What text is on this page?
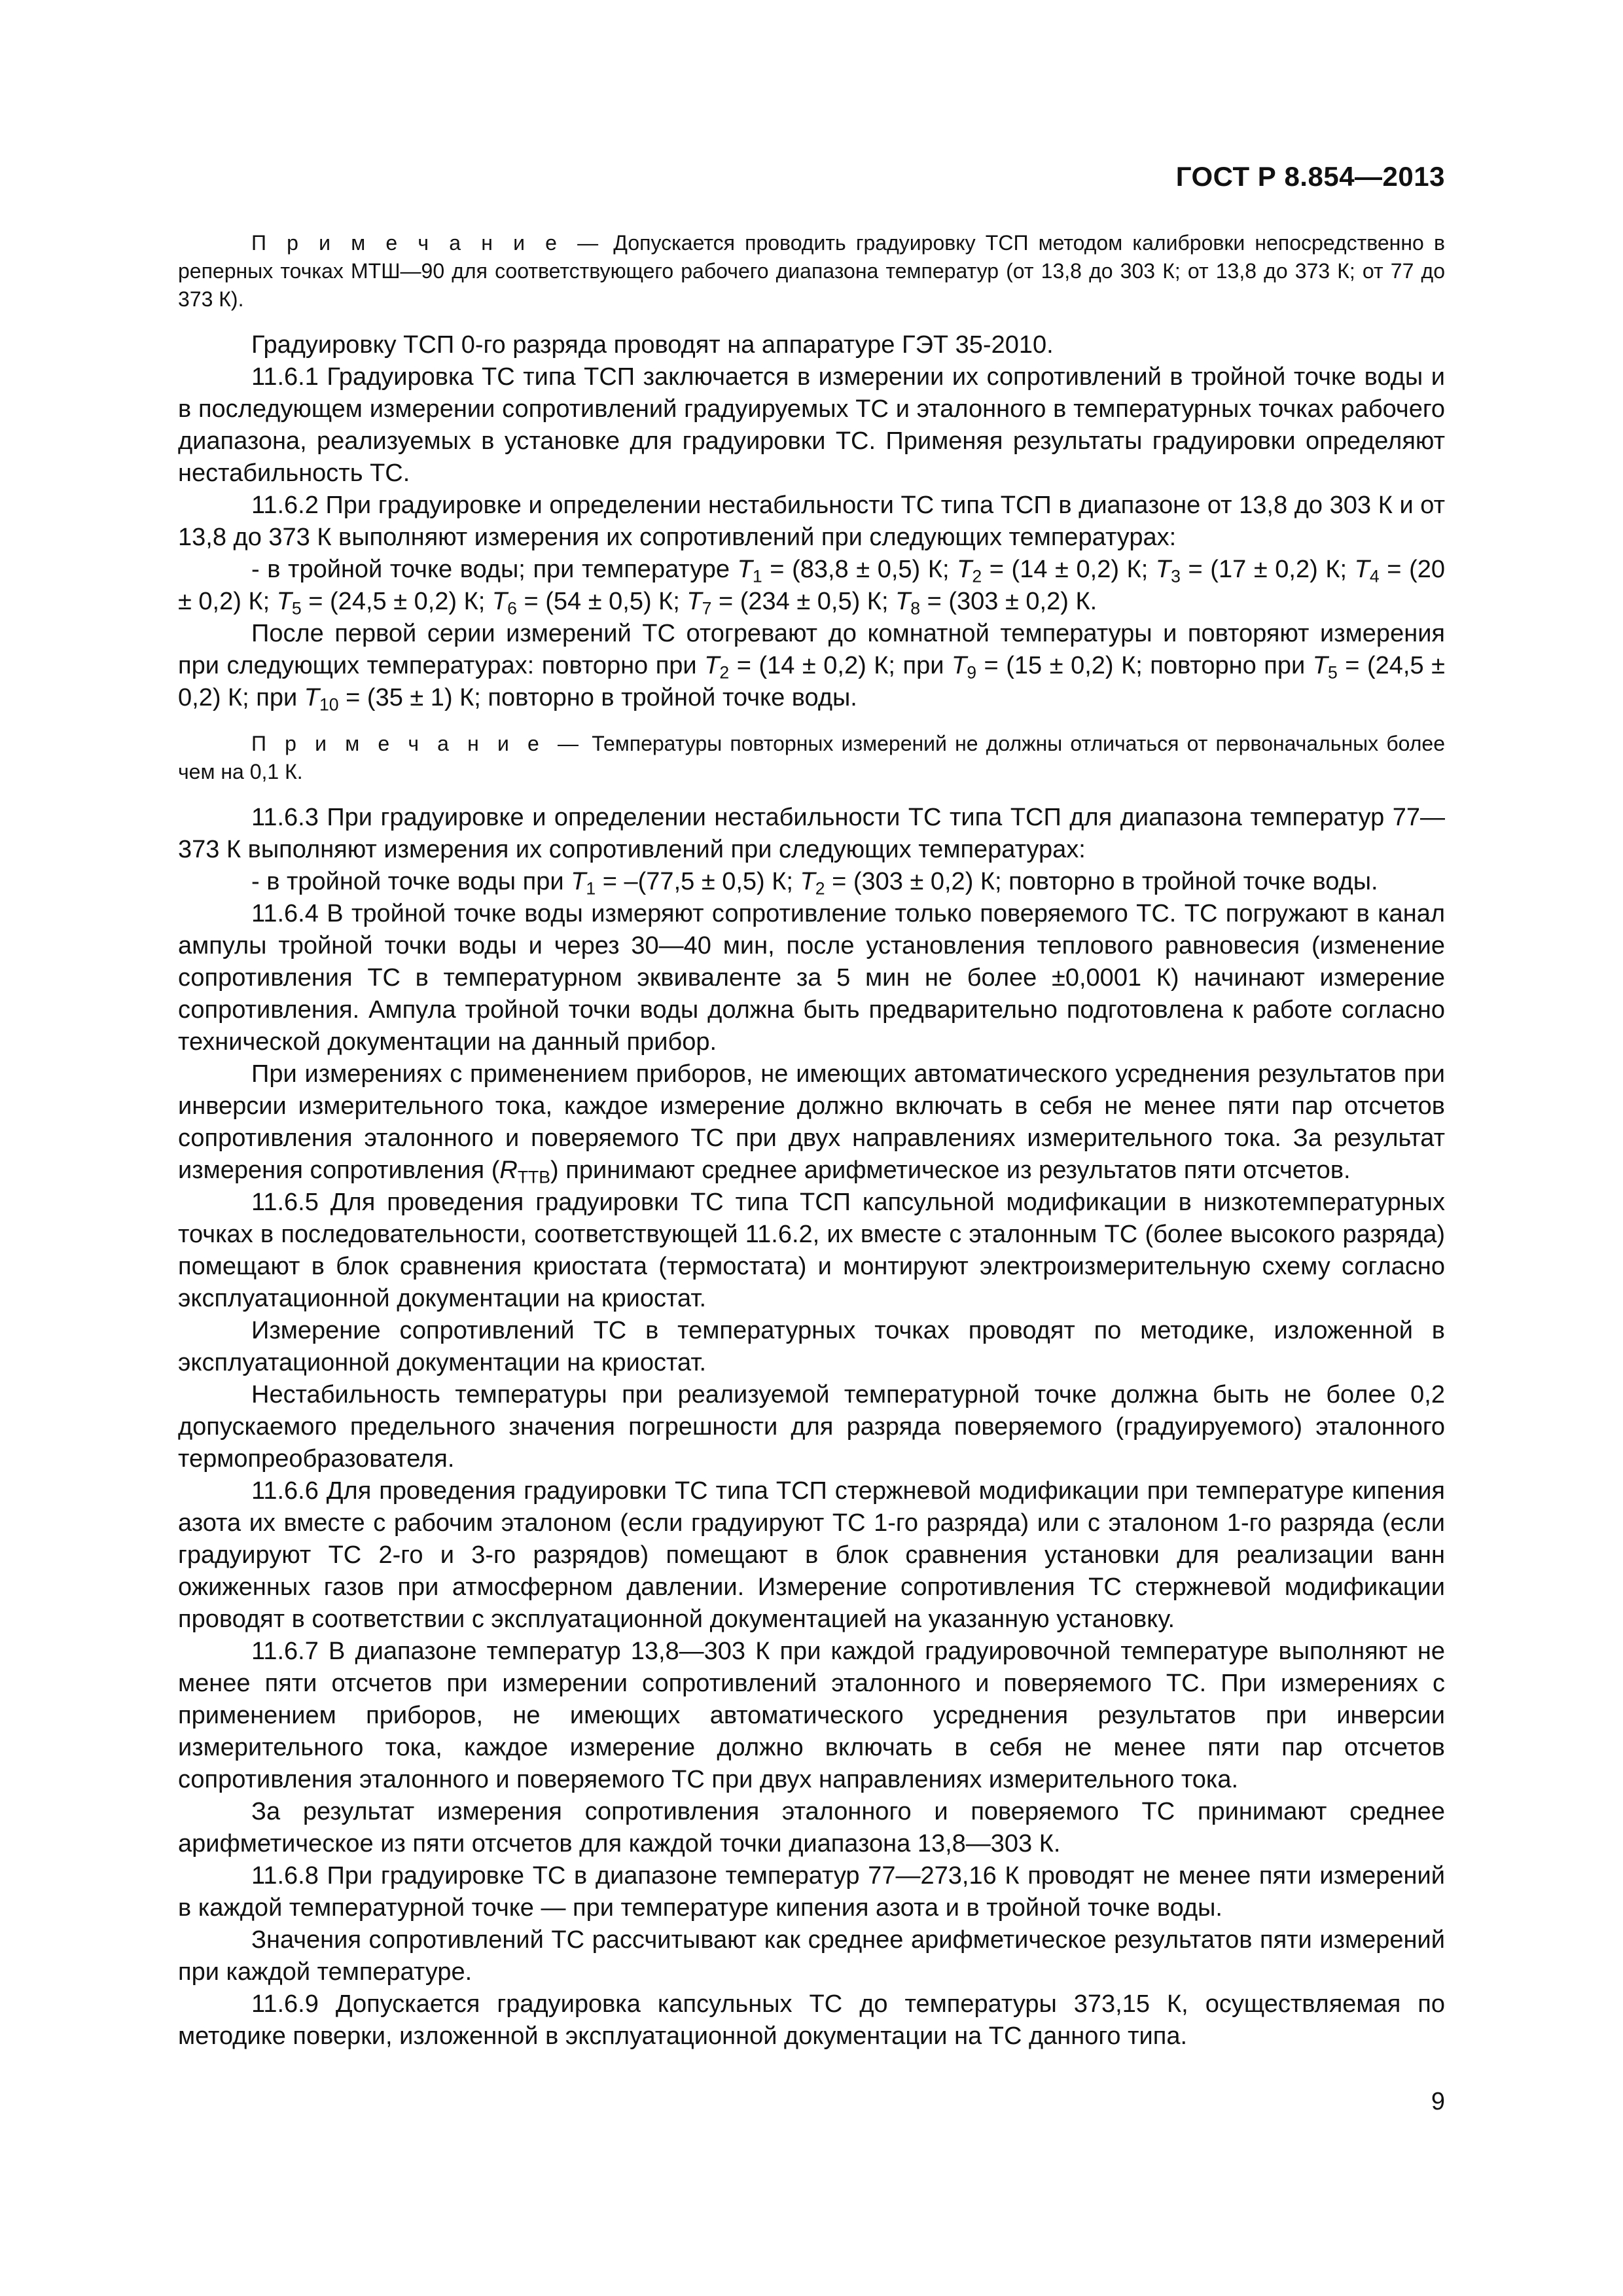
ГОСТ Р 8.854—2013

П р и м е ч а н и е — Допускается проводить градуировку ТСП методом калибровки непосредственно в реперных точках МТШ—90 для соответствующего рабочего диапазона температур (от 13,8 до 303 К; от 13,8 до 373 К; от 77 до 373 К).

Градуировку ТСП 0-го разряда проводят на аппаратуре ГЭТ 35-2010.

11.6.1 Градуировка ТС типа ТСП заключается в измерении их сопротивлений в тройной точке воды и в последующем измерении сопротивлений градуируемых ТС и эталонного в температурных точках рабочего диапазона, реализуемых в установке для градуировки ТС. Применяя результаты градуировки определяют нестабильность ТС.

11.6.2 При градуировке и определении нестабильности ТС типа ТСП в диапазоне от 13,8 до 303 К и от 13,8 до 373 К выполняют измерения их сопротивлений при следующих температурах:

- в тройной точке воды; при температуре $T_1 = (83,8 \pm 0,5)$ К; $T_2 = (14 \pm 0,2)$ К; $T_3 = (17 \pm 0,2)$ К; $T_4 = (20 \pm 0,2)$ К; $T_5 = (24,5 \pm 0,2)$ К; $T_6 = (54 \pm 0,5)$ К; $T_7 = (234 \pm 0,5)$ К; $T_8 = (303 \pm 0,2)$ К.

После первой серии измерений ТС отогревают до комнатной температуры и повторяют измерения при следующих температурах: повторно при $T_2 = (14 \pm 0,2)$ К; при $T_9 = (15 \pm 0,2)$ К; повторно при $T_5 = (24,5 \pm 0,2)$ К; при $T_{10} = (35 \pm 1)$ К; повторно в тройной точке воды.

П р и м е ч а н и е — Температуры повторных измерений не должны отличаться от первоначальных более чем на 0,1 К.

11.6.3 При градуировке и определении нестабильности ТС типа ТСП для диапазона температур 77—373 К выполняют измерения их сопротивлений при следующих температурах:

- в тройной точке воды при $T_1 = -(77,5 \pm 0,5)$ К; $T_2 = (303 \pm 0,2)$ К; повторно в тройной точке воды.

11.6.4 В тройной точке воды измеряют сопротивление только поверяемого ТС. ТС погружают в канал ампулы тройной точки воды и через 30—40 мин, после установления теплового равновесия (изменение сопротивления ТС в температурном эквиваленте за 5 мин не более ±0,0001 К) начинают измерение сопротивления. Ампула тройной точки воды должна быть предварительно подготовлена к работе согласно технической документации на данный прибор.

При измерениях с применением приборов, не имеющих автоматического усреднения результатов при инверсии измерительного тока, каждое измерение должно включать в себя не менее пяти пар отсчетов сопротивления эталонного и поверяемого ТС при двух направлениях измерительного тока. За результат измерения сопротивления $(R_{ТТВ})$ принимают среднее арифметическое из результатов пяти отсчетов.

11.6.5 Для проведения градуировки ТС типа ТСП капсульной модификации в низкотемпературных точках в последовательности, соответствующей 11.6.2, их вместе с эталонным ТС (более высокого разряда) помещают в блок сравнения криостата (термостата) и монтируют электроизмерительную схему согласно эксплуатационной документации на криостат.

Измерение сопротивлений ТС в температурных точках проводят по методике, изложенной в эксплуатационной документации на криостат.

Нестабильность температуры при реализуемой температурной точке должна быть не более 0,2 допускаемого предельного значения погрешности для разряда поверяемого (градуируемого) эталонного термопреобразователя.

11.6.6 Для проведения градуировки ТС типа ТСП стержневой модификации при температуре кипения азота их вместе с рабочим эталоном (если градуируют ТС 1-го разряда) или с эталоном 1-го разряда (если градуируют ТС 2-го и 3-го разрядов) помещают в блок сравнения установки для реализации ванн ожиженных газов при атмосферном давлении. Измерение сопротивления ТС стержневой модификации проводят в соответствии с эксплуатационной документацией на указанную установку.

11.6.7 В диапазоне температур 13,8—303 К при каждой градуировочной температуре выполняют не менее пяти отсчетов при измерении сопротивлений эталонного и поверяемого ТС. При измерениях с применением приборов, не имеющих автоматического усреднения результатов при инверсии измерительного тока, каждое измерение должно включать в себя не менее пяти пар отсчетов сопротивления эталонного и поверяемого ТС при двух направлениях измерительного тока.

За результат измерения сопротивления эталонного и поверяемого ТС принимают среднее арифметическое из пяти отсчетов для каждой точки диапазона 13,8—303 К.

11.6.8 При градуировке ТС в диапазоне температур 77—273,16 К проводят не менее пяти измерений в каждой температурной точке — при температуре кипения азота и в тройной точке воды.

Значения сопротивлений ТС рассчитывают как среднее арифметическое результатов пяти измерений при каждой температуре.

11.6.9 Допускается градуировка капсульных ТС до температуры 373,15 К, осуществляемая по методике поверки, изложенной в эксплуатационной документации на ТС данного типа.

9
